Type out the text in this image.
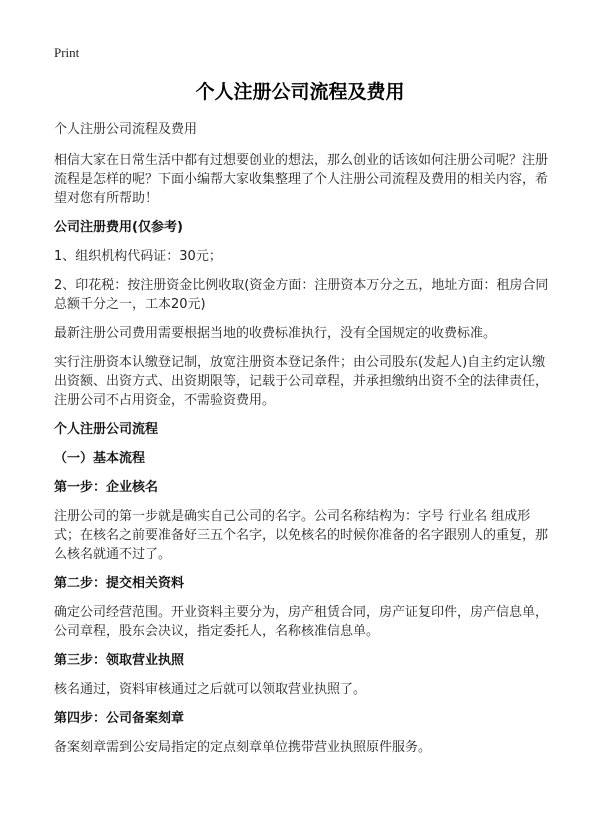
Print
个人注册公司流程及费用

个人注册公司流程及费用

相信大家在日常生活中都有过想要创业的想法，那么创业的话该如何注册公司呢？注册流程是怎样的呢？下面小编帮大家收集整理了个人注册公司流程及费用的相关内容，希望对您有所帮助！

公司注册费用(仅参考)

1、组织机构代码证：30元；

2、印花税：按注册资金比例收取(资金方面：注册资本万分之五，地址方面：租房合同总额千分之一，工本20元)

最新注册公司费用需要根据当地的收费标准执行，没有全国规定的收费标准。

实行注册资本认缴登记制，放宽注册资本登记条件；由公司股东(发起人)自主约定认缴出资额、出资方式、出资期限等，记载于公司章程，并承担缴纳出资不全的法律责任，注册公司不占用资金，不需验资费用。

个人注册公司流程

（一）基本流程

第一步：企业核名

注册公司的第一步就是确实自己公司的名字。公司名称结构为：字号 行业名 组成形式；在核名之前要准备好三五个名字，以免核名的时候你准备的名字跟别人的重复，那么核名就通不过了。

第二步：提交相关资料

确定公司经营范围。开业资料主要分为，房产租赁合同，房产证复印件，房产信息单，公司章程，股东会决议，指定委托人，名称核准信息单。

第三步：领取营业执照

核名通过，资料审核通过之后就可以领取营业执照了。

第四步：公司备案刻章

备案刻章需到公安局指定的定点刻章单位携带营业执照原件服务。
